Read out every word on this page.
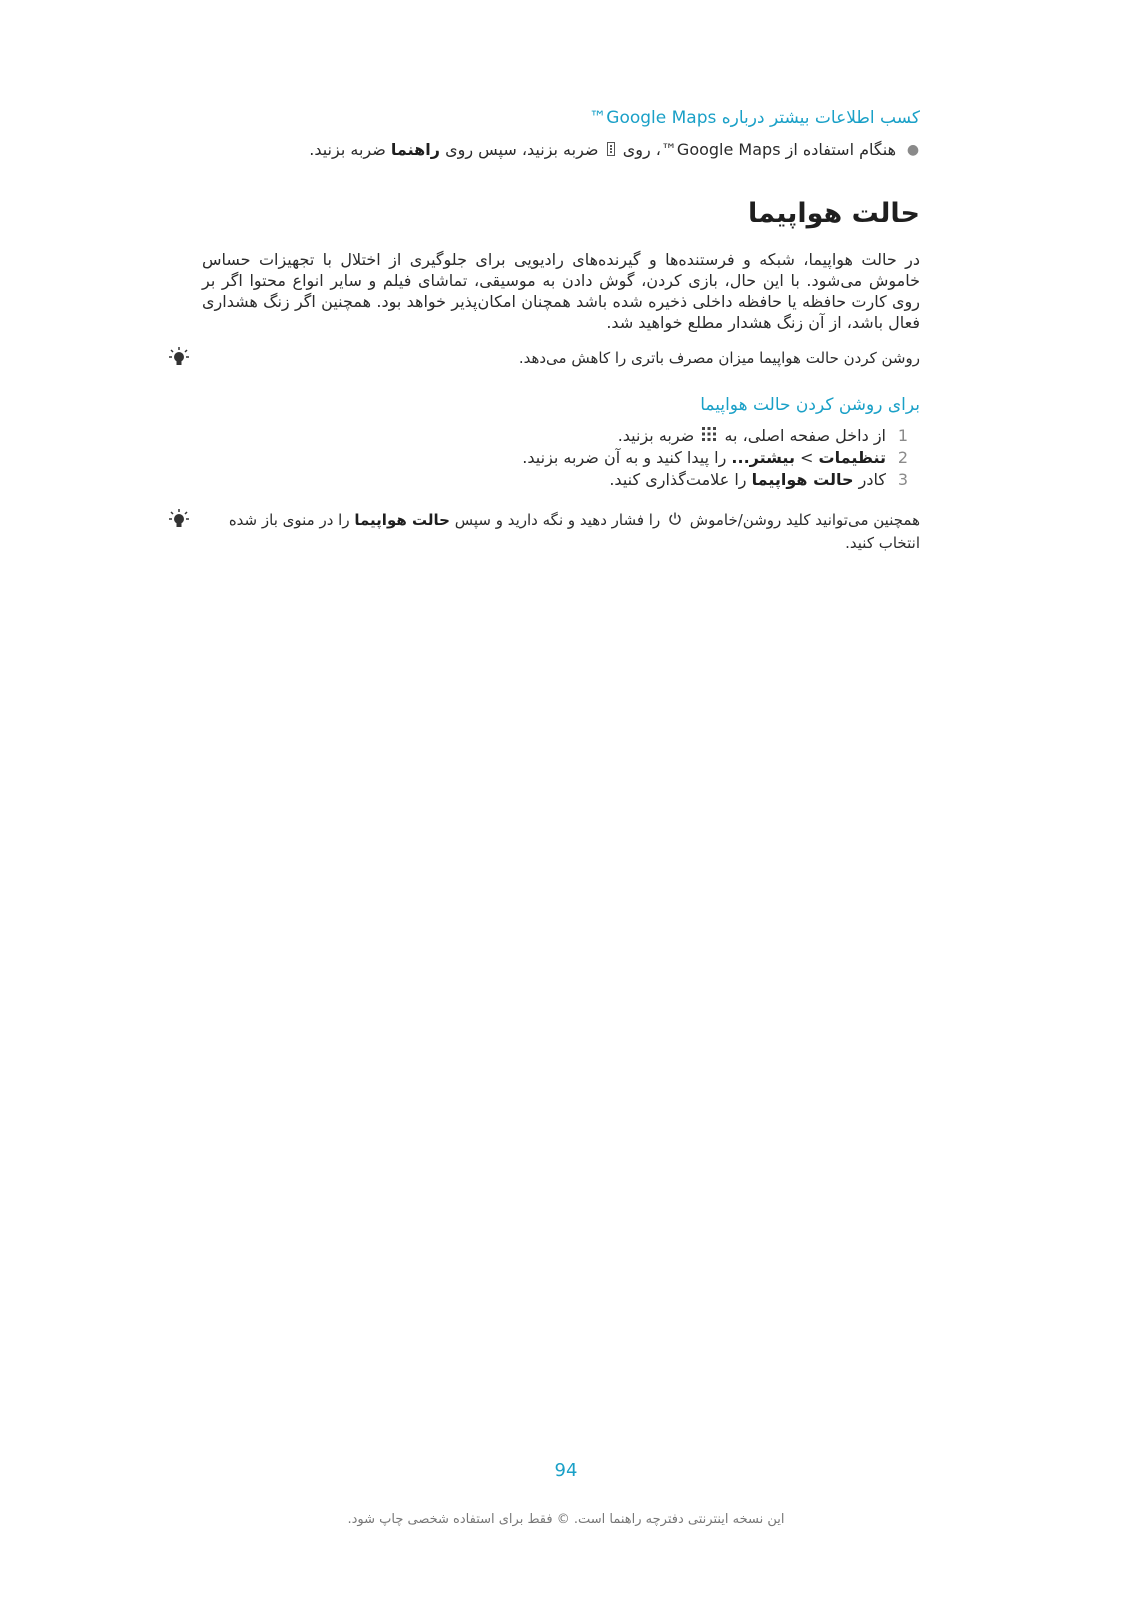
کسب اطلاعات بیشتر درباره Google Maps™
●
هنگام استفاده از Google Maps™، روی  ضربه بزنید، سپس روی راهنما ضربه بزنید.
حالت هواپیما

در حالت هواپیما، شبکه و فرستنده‌ها و گیرنده‌های رادیویی برای جلوگیری از اختلال با تجهیزات حساس خاموش می‌شود. با این حال، بازی کردن، گوش دادن به موسیقی، تماشای فیلم و سایر انواع محتوا اگر بر روی کارت حافظه یا حافظه داخلی ذخیره شده باشد همچنان امکان‌پذیر خواهد بود. همچنین اگر زنگ هشداری فعال باشد، از آن زنگ هشدار مطلع خواهید شد.

روشن کردن حالت هواپیما میزان مصرف باتری را کاهش می‌دهد.
برای روشن کردن حالت هواپیما
1
از داخل صفحه اصلی، به  ضربه بزنید.
2
تنظیمات > بیشتر... را پیدا کنید و به آن ضربه بزنید.
3
کادر حالت هواپیما را علامت‌گذاری کنید.
همچنین می‌توانید کلید روشن/خاموش  را فشار دهید و نگه دارید و سپس حالت هواپیما را در منوی باز شده انتخاب کنید.
94
این نسخه اینترنتی دفترچه راهنما است. © فقط برای استفاده شخصی چاپ شود.
